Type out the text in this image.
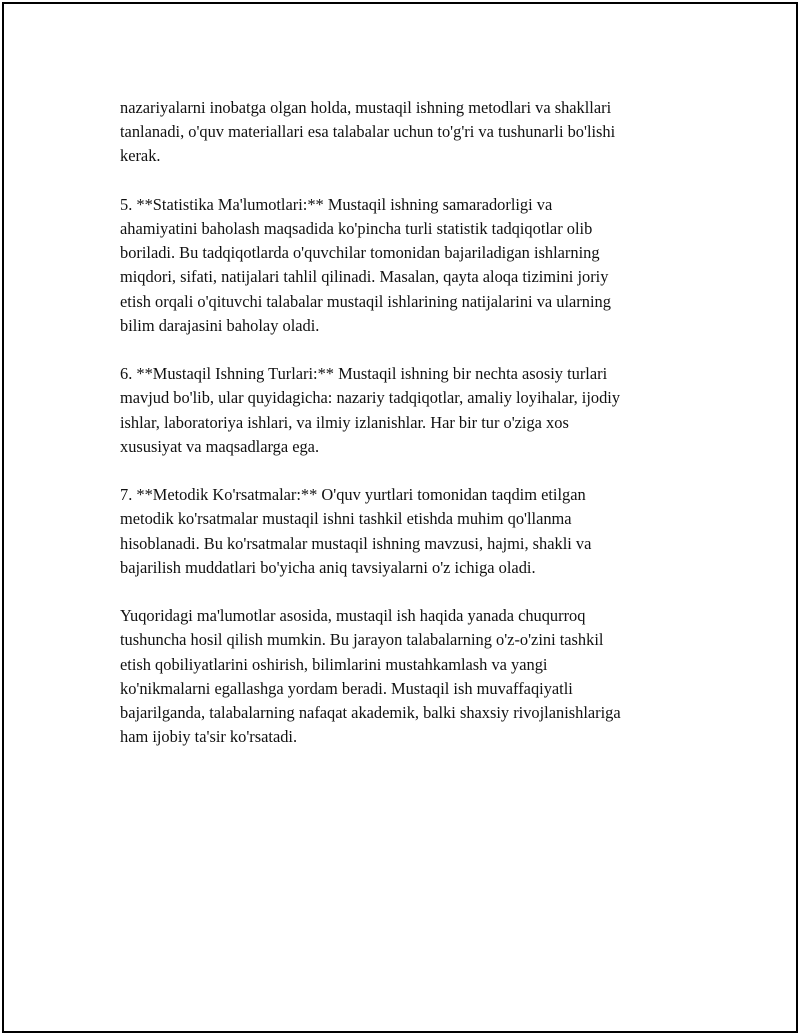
nazariyalarni inobatga olgan holda, mustaqil ishning metodlari va shakllari
tanlanadi, o'quv materiallari esa talabalar uchun to'g'ri va tushunarli bo'lishi
kerak.

5. **Statistika Ma'lumotlari:** Mustaqil ishning samaradorligi va
ahamiyatini baholash maqsadida ko'pincha turli statistik tadqiqotlar olib
boriladi. Bu tadqiqotlarda o'quvchilar tomonidan bajariladigan ishlarning
miqdori, sifati, natijalari tahlil qilinadi. Masalan, qayta aloqa tizimini joriy
etish orqali o'qituvchi talabalar mustaqil ishlarining natijalarini va ularning
bilim darajasini baholay oladi.

6. **Mustaqil Ishning Turlari:** Mustaqil ishning bir nechta asosiy turlari
mavjud bo'lib, ular quyidagicha: nazariy tadqiqotlar, amaliy loyihalar, ijodiy
ishlar, laboratoriya ishlari, va ilmiy izlanishlar. Har bir tur o'ziga xos
xususiyat va maqsadlarga ega.

7. **Metodik Ko'rsatmalar:** O'quv yurtlari tomonidan taqdim etilgan
metodik ko'rsatmalar mustaqil ishni tashkil etishda muhim qo'llanma
hisoblanadi. Bu ko'rsatmalar mustaqil ishning mavzusi, hajmi, shakli va
bajarilish muddatlari bo'yicha aniq tavsiyalarni o'z ichiga oladi.

Yuqoridagi ma'lumotlar asosida, mustaqil ish haqida yanada chuqurroq
tushuncha hosil qilish mumkin. Bu jarayon talabalarning o'z-o'zini tashkil
etish qobiliyatlarini oshirish, bilimlarini mustahkamlash va yangi
ko'nikmalarni egallashga yordam beradi. Mustaqil ish muvaffaqiyatli
bajarilganda, talabalarning nafaqat akademik, balki shaxsiy rivojlanishlariga
ham ijobiy ta'sir ko'rsatadi.
